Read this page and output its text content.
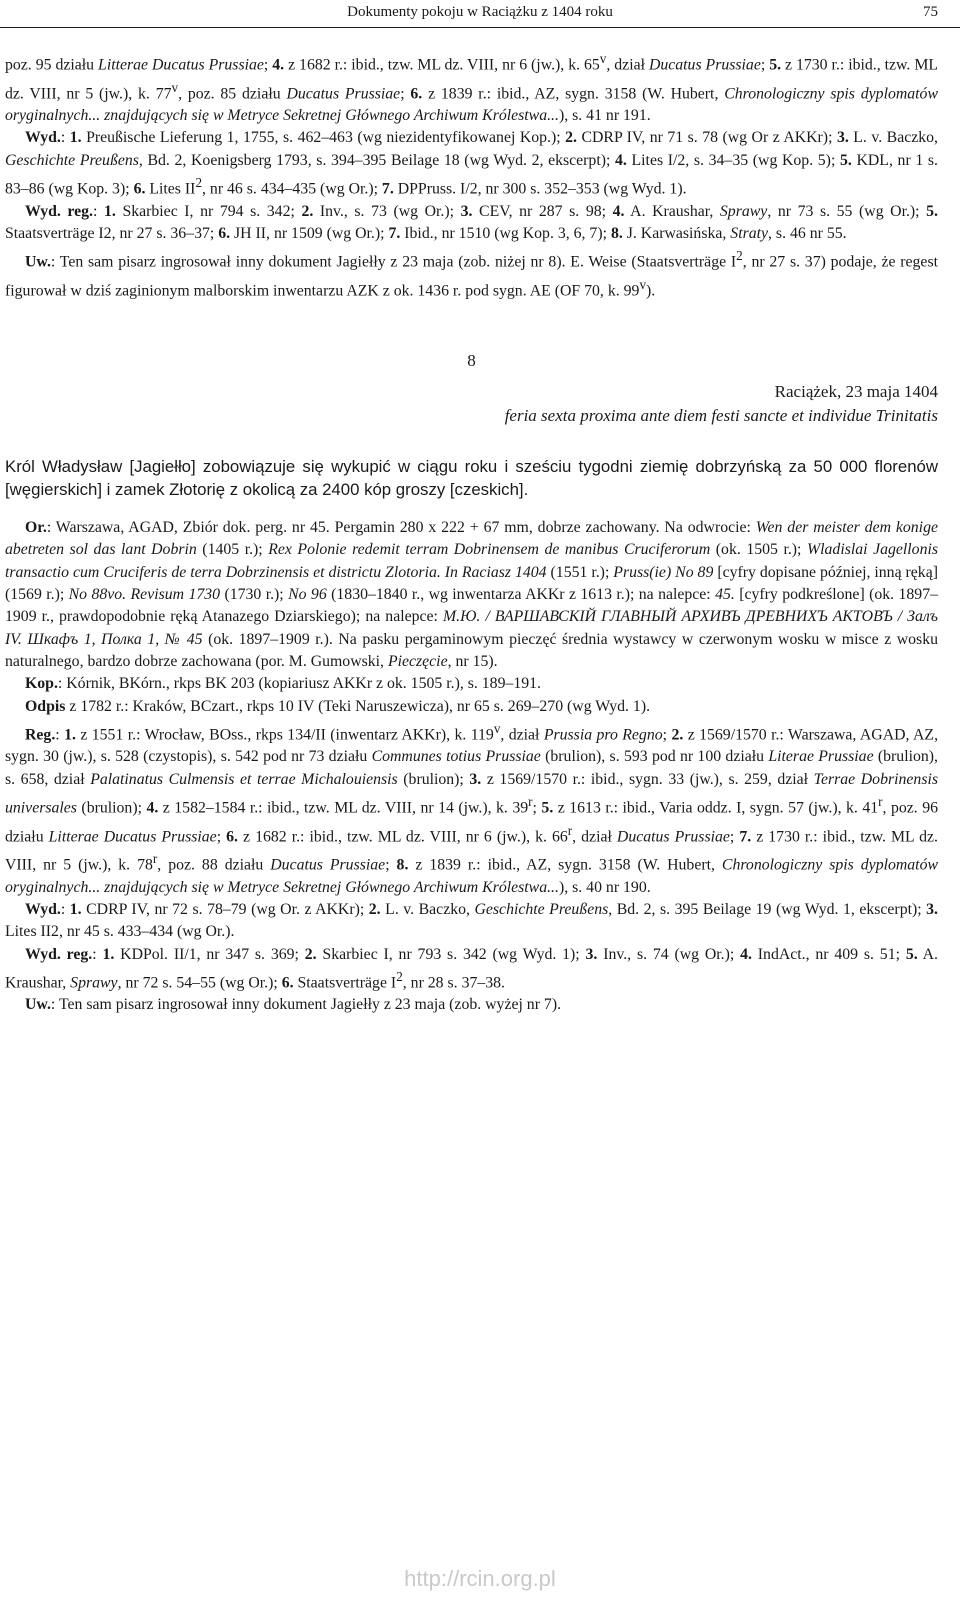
Dokumenty pokoju w Raciążku z 1404 roku	75

poz. 95 działu Litterae Ducatus Prussiae; 4. z 1682 r.: ibid., tzw. ML dz. VIII, nr 6 (jw.), k. 65$^v$, dział Ducatus Prussiae; 5. z 1730 r.: ibid., tzw. ML dz. VIII, nr 5 (jw.), k. 77$^v$, poz. 85 działu Ducatus Prussiae; 6. z 1839 r.: ibid., AZ, sygn. 3158 (W. Hubert, Chronologiczny spis dyplomatów oryginalnych... znajdujących się w Metryce Sekretnej Głównego Archiwum Królestwa...), s. 41 nr 191.

Wyd.: 1. Preußische Lieferung 1, 1755, s. 462–463 (wg niezidentyfikowanej Kop.); 2. CDRP IV, nr 71 s. 78 (wg Or z AKKr); 3. L. v. Baczko, Geschichte Preußens, Bd. 2, Koenigsberg 1793, s. 394–395 Beilage 18 (wg Wyd. 2, ekscerpt); 4. Lites I/2, s. 34–35 (wg Kop. 5); 5. KDL, nr 1 s. 83–86 (wg Kop. 3); 6. Lites $II^2$, nr 46 s. 434–435 (wg Or.); 7. DPPruss. I/2, nr 300 s. 352–353 (wg Wyd. 1).

Wyd. reg.: 1. Skarbiec I, nr 794 s. 342; 2. Inv., s. 73 (wg Or.); 3. CEV, nr 287 s. 98; 4. A. Kraushar, Sprawy, nr 73 s. 55 (wg Or.); 5. Staatsverträge I2, nr 27 s. 36–37; 6. JH II, nr 1509 (wg Or.); 7. Ibid., nr 1510 (wg Kop. 3, 6, 7); 8. J. Karwasińska, Straty, s. 46 nr 55.

Uw.: Ten sam pisarz ingrosował inny dokument Jagiełły z 23 maja (zob. niżej nr 8). E. Weise (Staatsverträge $I^2$, nr 27 s. 37) podaje, że regest figurował w dziś zaginionym malborskim inwentarzu AZK z ok. 1436 r. pod sygn. AE (OF 70, k. 99$^v$).

8
Raciążek, 23 maja 1404
feria sexta proxima ante diem festi sancte et individue Trinitatis

Król Władysław [Jagiełło] zobowiązuje się wykupić w ciągu roku i sześciu tygodni ziemię dobrzyńską za 50 000 florenów [węgierskich] i zamek Złotorię z okolicą za 2400 kóp groszy [czeskich].

Or.: Warszawa, AGAD, Zbiór dok. perg. nr 45. Pergamin 280 x 222 + 67 mm, dobrze zachowany. Na odwrocie: Wen der meister dem konige abetreten sol das lant Dobrin (1405 r.); Rex Polonie redemit terram Dobrinensem de manibus Cruciferorum (ok. 1505 r.); Wladislai Jagellonis transactio cum Cruciferis de terra Dobrzinensis et districtu Zlotoria. In Raciasz 1404 (1551 r.); Pruss(ie) No 89 [cyfry dopisane później, inną ręką] (1569 r.); No 88vo. Revisum 1730 (1730 r.); No 96 (1830–1840 r., wg inwentarza AKKr z 1613 r.); na nalepce: 45. [cyfry podkreślone] (ok. 1897–1909 r., prawdopodobnie ręką Atanazego Dziarskiego); na nalepce: М.Ю. / ВАРШАВСКІЙ ГЛАВНЫЙ АРХИВЪ ДРЕВНИХЪ АКТОВЪ / Залъ IV. Шкафъ 1, Полка 1, № 45 (ok. 1897–1909 r.). Na pasku pergaminowym pieczęć średnia wystawcy w czerwonym wosku w misce z wosku naturalnego, bardzo dobrze zachowana (por. M. Gumowski, Pieczęcie, nr 15).

Kop.: Kórnik, BKórn., rkps BK 203 (kopiariusz AKKr z ok. 1505 r.), s. 189–191.

Odpis z 1782 r.: Kraków, BCzart., rkps 10 IV (Teki Naruszewicza), nr 65 s. 269–270 (wg Wyd. 1).

Reg.: 1. z 1551 r.: Wrocław, BOss., rkps 134/II (inwentarz AKKr), k. 119$^v$, dział Prussia pro Regno; 2. z 1569/1570 r.: Warszawa, AGAD, AZ, sygn. 30 (jw.), s. 528 (czystopis), s. 542 pod nr 73 działu Communes totius Prussiae (brulion), s. 593 pod nr 100 działu Literae Prussiae (brulion), s. 658, dział Palatinatus Culmensis et terrae Michalouiensis (brulion); 3. z 1569/1570 r.: ibid., sygn. 33 (jw.), s. 259, dział Terrae Dobrinensis universales (brulion); 4. z 1582–1584 r.: ibid., tzw. ML dz. VIII, nr 14 (jw.), k. 39$^r$; 5. z 1613 r.: ibid., Varia oddz. I, sygn. 57 (jw.), k. 41$^r$, poz. 96 działu Litterae Ducatus Prussiae; 6. z 1682 r.: ibid., tzw. ML dz. VIII, nr 6 (jw.), k. 66$^r$, dział Ducatus Prussiae; 7. z 1730 r.: ibid., tzw. ML dz. VIII, nr 5 (jw.), k. 78$^r$, poz. 88 działu Ducatus Prussiae; 8. z 1839 r.: ibid., AZ, sygn. 3158 (W. Hubert, Chronologiczny spis dyplomatów oryginalnych... znajdujących się w Metryce Sekretnej Głównego Archiwum Królestwa...), s. 40 nr 190.

Wyd.: 1. CDRP IV, nr 72 s. 78–79 (wg Or. z AKKr); 2. L. v. Baczko, Geschichte Preußens, Bd. 2, s. 395 Beilage 19 (wg Wyd. 1, ekscerpt); 3. Lites II2, nr 45 s. 433–434 (wg Or.).

Wyd. reg.: 1. KDPol. II/1, nr 347 s. 369; 2. Skarbiec I, nr 793 s. 342 (wg Wyd. 1); 3. Inv., s. 74 (wg Or.); 4. IndAct., nr 409 s. 51; 5. A. Kraushar, Sprawy, nr 72 s. 54–55 (wg Or.); 6. Staatsverträge $I^2$, nr 28 s. 37–38.

Uw.: Ten sam pisarz ingrosował inny dokument Jagiełły z 23 maja (zob. wyżej nr 7).

http://rcin.org.pl
